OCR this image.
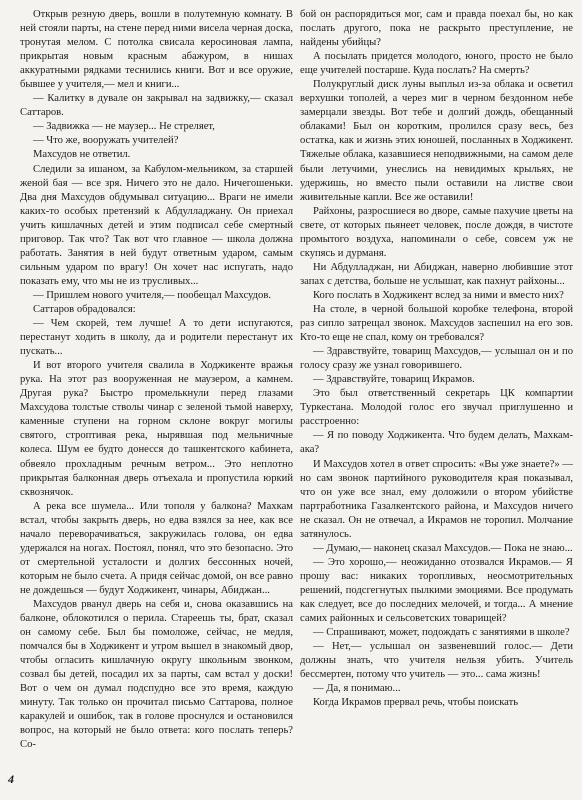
Открыв резную дверь, вошли в полутемную комнату. В ней стояли парты, на стене перед ними висела черная доска, тронутая мелом. С потолка свисала керосиновая лампа, прикрытая новым красным абажуром, в нишах аккуратными рядками теснились книги. Вот и все оружие, бывшее у учителя,— мел и книги...

— Калитку в дувале он закрывал на задвижку,— сказал Саттаров.

— Задвижка — не маузер... Не стреляет,

— Что же, вооружать учителей?

Махсудов не ответил.

Следили за ишаном, за Кабулом-мельником, за старшей женой бая — все зря. Ничего это не дало. Ничегошеньки. Два дня Махсудов обдумывал ситуацию... Враги не имели каких-то особых претензий к Абдулладжану. Он приехал учить кишлачных детей и этим подписал себе смертный приговор. Так что? Так вот что главное — школа должна работать. Занятия в ней будут ответным ударом, самым сильным ударом по врагу! Он хочет нас испугать, надо показать ему, что мы не из трусливых...

— Пришлем нового учителя,— пообещал Махсудов.

Саттаров обрадовался:

— Чем скорей, тем лучше! А то дети испугаются, перестанут ходить в школу, да и родители перестанут их пускать...

И вот второго учителя свалила в Ходжикенте вражья рука. На этот раз вооруженная не маузером, а камнем. Другая рука? Быстро промелькнули перед глазами Махсудова толстые стволы чинар с зеленой тьмой наверху, каменные ступени на горном склоне вокруг могилы святого, строптивая река, нырявшая под мельничные колеса. Шум ее будто донесся до ташкентского кабинета, обвеяло прохладным речным ветром... Это неплотно прикрытая балконная дверь отъехала и пропустила юркий сквознячок.

А река все шумела... Или тополя у балкона? Махкам встал, чтобы закрыть дверь, но едва взялся за нее, как все начало переворачиваться, закружилась голова, он едва удержался на ногах. Постоял, понял, что это безопасно. Это от смертельной усталости и долгих бессонных ночей, которым не было счета. А придя сейчас домой, он все равно не дождешься — будут Ходжикент, чинары, Абиджан...

Махсудов рванул дверь на себя и, снова оказавшись на балконе, облокотился о перила. Стареешь ты, брат, сказал он самому себе. Был бы помоложе, сейчас, не медля, помчался бы в Ходжикент и утром вышел в знакомый двор, чтобы огласить кишлачную округу школьным звонком, созвал бы детей, посадил их за парты, сам встал у доски! Вот о чем он думал подспудно все это время, каждую минуту. Так только он прочитал письмо Саттарова, полное каракулей и ошибок, так в голове проснулся и остановился вопрос, на который не было ответа: кого послать теперь? Со-

бой он распорядиться мог, сам и правда поехал бы, но как послать другого, пока не раскрыто преступление, не найдены убийцы?

А посылать придется молодого, юного, просто не было еще учителей постарше. Куда послать? На смерть?

Полукруглый диск луны выплыл из-за облака и осветил верхушки тополей, а через миг в черном бездонном небе замерцали звезды. Вот тебе и долгий дождь, обещанный облаками! Был он коротким, пролился сразу весь, без остатка, как и жизнь этих юношей, посланных в Ходжикент. Тяжелые облака, казавшиеся неподвижными, на самом деле были летучими, унеслись на невидимых крыльях, не удержишь, но вместо пыли оставили на листве свои живительные капли. Все же оставили!

Райхоны, разросшиеся во дворе, самые пахучие цветы на свете, от которых пьянеет человек, после дождя, в чистоте промытого воздуха, напоминали о себе, совсем уж не скупясь и дурманя.

Ни Абдулладжан, ни Абиджан, наверно любившие этот запах с детства, больше не услышат, как пахнут райхоны...

Кого послать в Ходжикент вслед за ними и вместо них?

На столе, в черной большой коробке телефона, второй раз сипло затрещал звонок. Махсудов заспешил на его зов. Кто-то еще не спал, кому он требовался?

— Здравствуйте, товарищ Махсудов,— услышал он и по голосу сразу же узнал говорившего.

— Здравствуйте, товарищ Икрамов.

Это был ответственный секретарь ЦК компартии Туркестана. Молодой голос его звучал приглушенно и расстроенно:

— Я по поводу Ходжикента. Что будем делать, Махкам-ака?

И Махсудов хотел в ответ спросить: «Вы уже знаете?» — но сам звонок партийного руководителя края показывал, что он уже все знал, ему доложили о втором убийстве партработника Газалкентского района, и Махсудов ничего не сказал. Он не отвечал, а Икрамов не торопил. Молчание затянулось.

— Думаю,— наконец сказал Махсудов.— Пока не знаю...

— Это хорошо,— неожиданно отозвался Икрамов.— Я прошу вас: никаких торопливых, неосмотрительных решений, подсгегнутых пылкими эмоциями. Все продумать как следует, все до последних мелочей, и тогда... А мнение самих районных и сельсоветских товарищей?

— Спрашивают, может, подождать с занятиями в школе?

— Нет,— услышал он зазвеневший голос.— Дети должны знать, что учителя нельзя убить. Учитель бессмертен, потому что учитель — это... сама жизнь!

— Да, я понимаю...

Когда Икрамов прервал речь, чтобы поискать

4
